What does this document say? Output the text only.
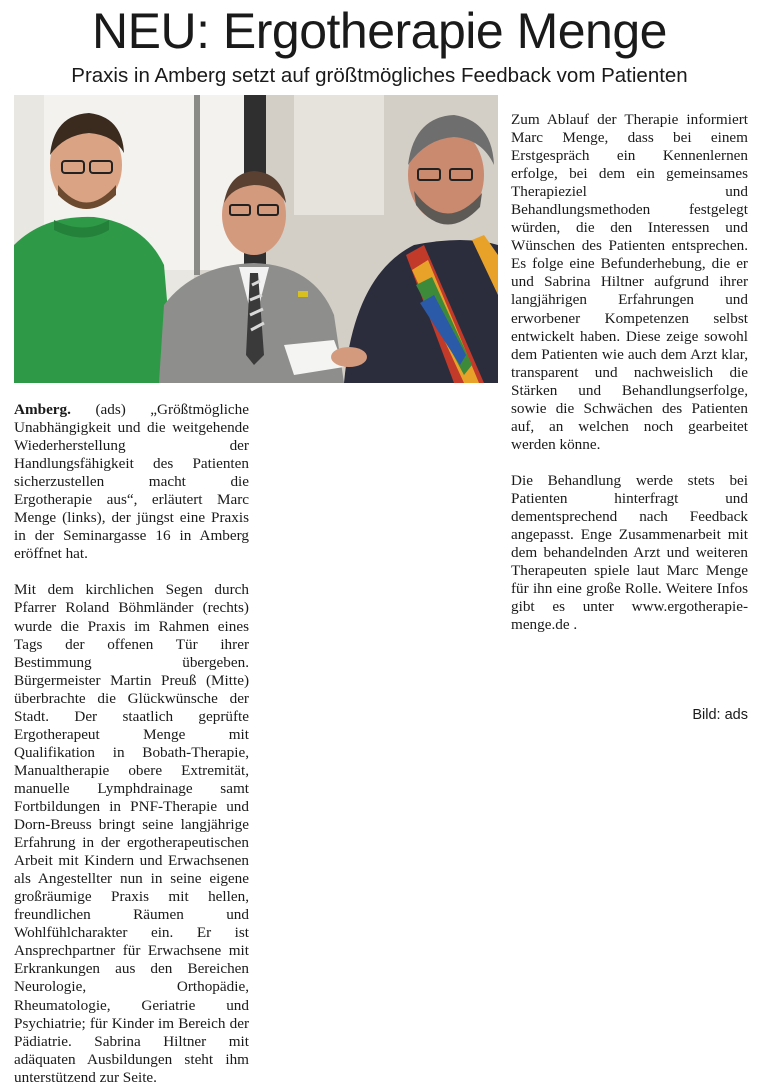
NEU: Ergotherapie Menge
Praxis in Amberg setzt auf größtmögliches Feedback vom Patienten

Amberg. (ads) „Größtmögliche Unabhängigkeit und die weitgehende Wiederherstellung der Handlungsfähigkeit des Patienten sicherzustellen macht die Ergotherapie aus“, erläutert Marc Menge (links), der jüngst eine Praxis in der Seminargasse 16 in Amberg eröffnet hat.

Mit dem kirchlichen Segen durch Pfarrer Roland Böhmländer (rechts) wurde die Praxis im Rahmen eines Tags der offenen Tür ihrer Bestimmung übergeben. Bürgermeister Martin Preuß (Mitte) überbrachte die Glückwünsche der Stadt. Der staatlich geprüfte Ergotherapeut Menge mit Qualifikation in Bobath-Therapie, Manualtherapie obere Extremität, manuelle Lymphdrainage samt Fortbildungen in PNF-Therapie und Dorn-Breuss bringt seine langjährige Erfahrung in der ergotherapeutischen Arbeit mit Kindern und Erwachsenen als Angestellter nun in seine eigene großräumige Praxis mit hellen, freundlichen Räumen und Wohlfühlcharakter ein. Er ist Ansprechpartner für Erwachsene mit Erkrankungen aus den Bereichen Neurologie, Orthopädie, Rheumatologie, Geriatrie und Psychiatrie; für Kinder im Bereich der Pädiatrie. Sabrina Hiltner mit adäquaten Ausbildungen steht ihm unterstützend zur Seite.

Zum Ablauf der Therapie informiert Marc Menge, dass bei einem Erstgespräch ein Kennenlernen erfolge, bei dem ein gemeinsames Therapieziel und Behandlungsmethoden festgelegt würden, die den Interessen und Wünschen des Patienten entsprechen. Es folge eine Befunderhebung, die er und Sabrina Hiltner aufgrund ihrer langjährigen Erfahrungen und erworbener Kompetenzen selbst entwickelt haben. Diese zeige sowohl dem Patienten wie auch dem Arzt klar, transparent und nachweislich die Stärken und Behandlungserfolge, sowie die Schwächen des Patienten auf, an welchen noch gearbeitet werden könne.

Die Behandlung werde stets bei Patienten hinterfragt und dementsprechend nach Feedback angepasst. Enge Zusammenarbeit mit dem behandelnden Arzt und weiteren Therapeuten spiele laut Marc Menge für ihn eine große Rolle. Weitere Infos gibt es unter www.ergotherapie-menge.de .

Bild: ads
